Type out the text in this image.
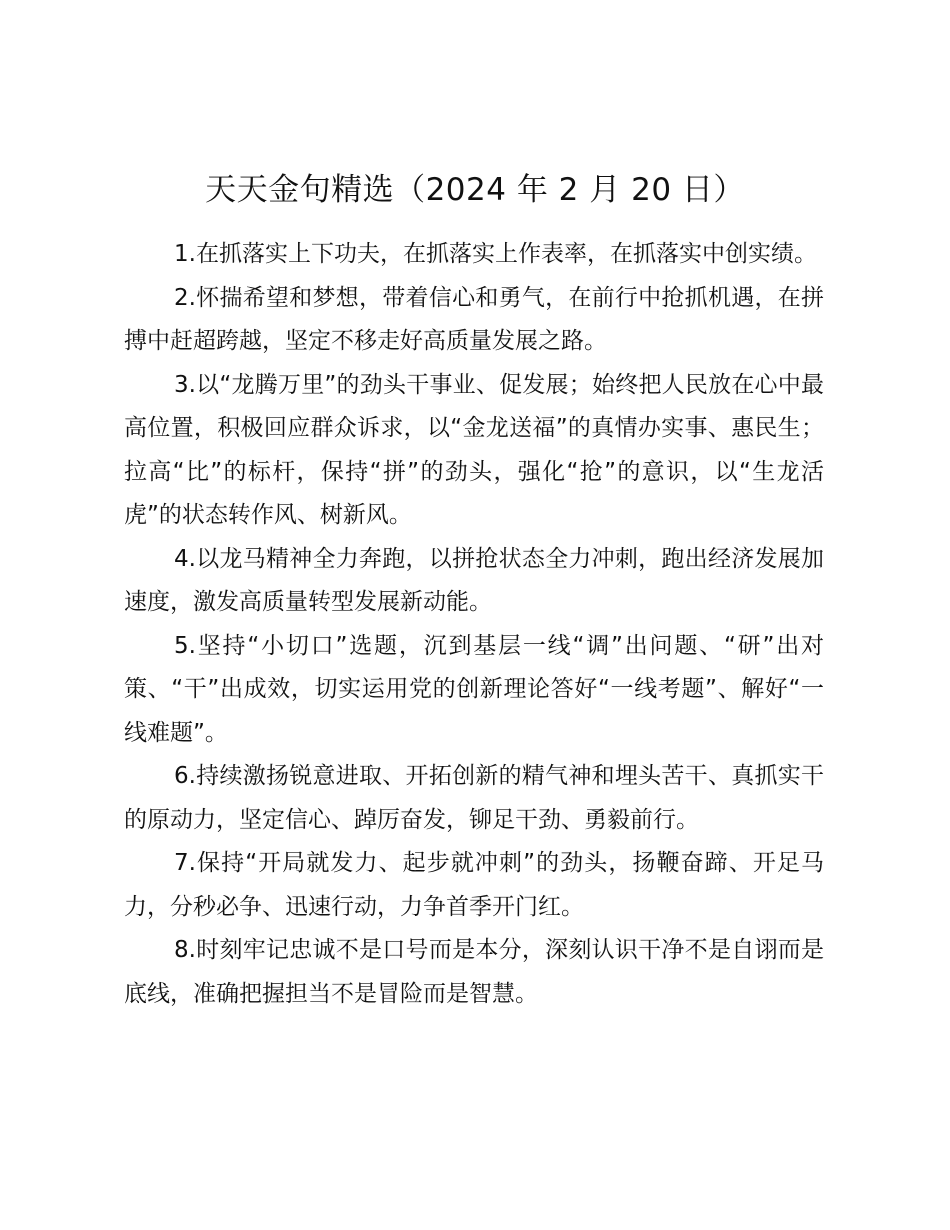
天天金句精选（2024 年 2 月 20 日）

1.在抓落实上下功夫，在抓落实上作表率，在抓落实中创实绩。

2.怀揣希望和梦想，带着信心和勇气，在前行中抢抓机遇，在拼搏中赶超跨越，坚定不移走好高质量发展之路。

3.以“龙腾万里”的劲头干事业、促发展；始终把人民放在心中最高位置，积极回应群众诉求，以“金龙送福”的真情办实事、惠民生；拉高“比”的标杆，保持“拼”的劲头，强化“抢”的意识，以“生龙活虎”的状态转作风、树新风。

4.以龙马精神全力奔跑，以拼抢状态全力冲刺，跑出经济发展加速度，激发高质量转型发展新动能。

5.坚持“小切口”选题，沉到基层一线“调”出问题、“研”出对策、“干”出成效，切实运用党的创新理论答好“一线考题”、解好“一线难题”。

6.持续激扬锐意进取、开拓创新的精气神和埋头苦干、真抓实干的原动力，坚定信心、踔厉奋发，铆足干劲、勇毅前行。

7.保持“开局就发力、起步就冲刺”的劲头，扬鞭奋蹄、开足马力，分秒必争、迅速行动，力争首季开门红。

8.时刻牢记忠诚不是口号而是本分，深刻认识干净不是自诩而是底线，准确把握担当不是冒险而是智慧。
